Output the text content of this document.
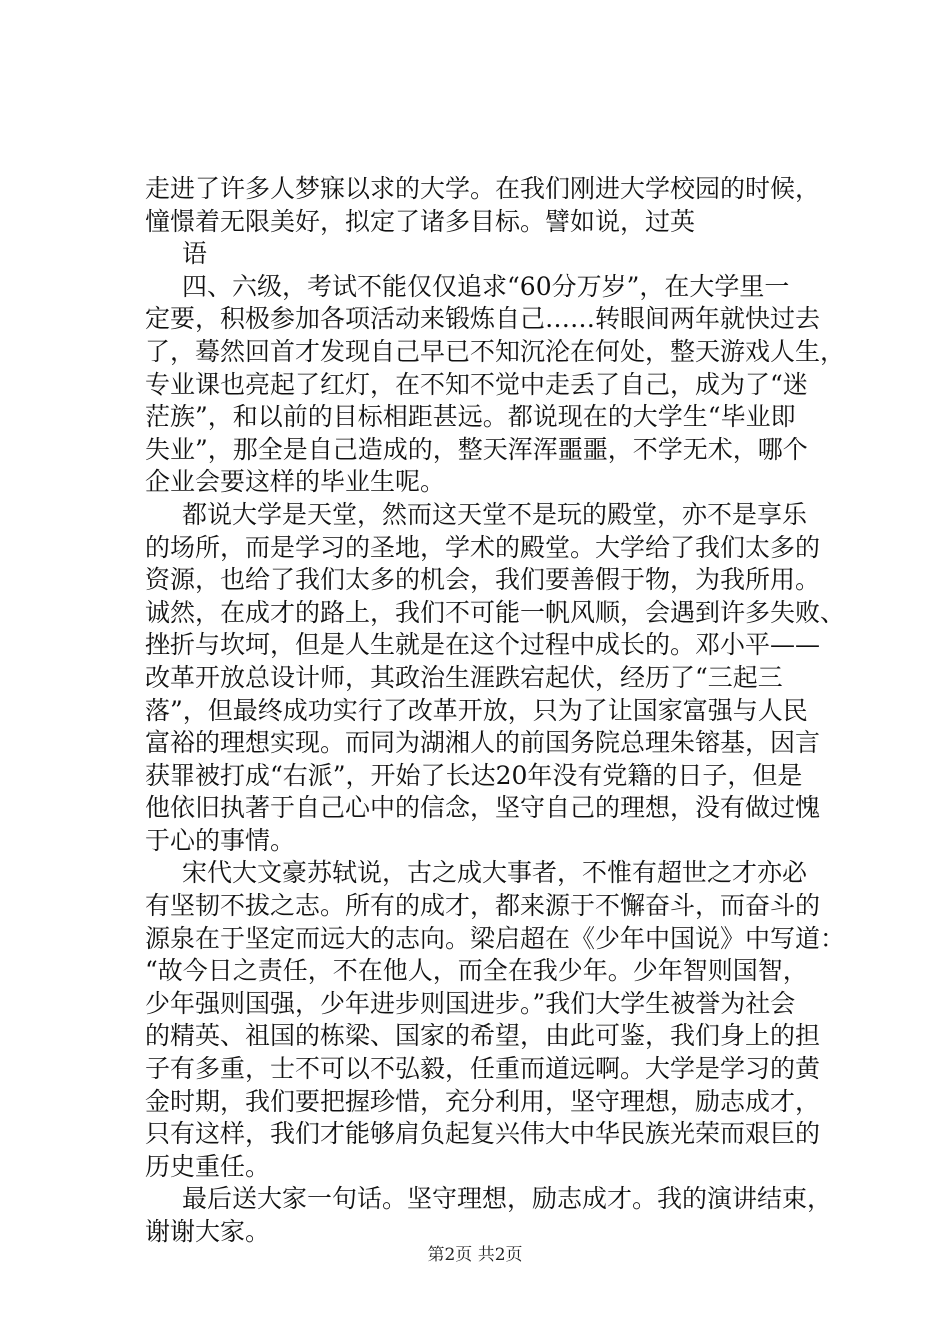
走进了许多人梦寐以求的大学。在我们刚进大学校园的时候，
憧憬着无限美好，拟定了诸多目标。譬如说，过英
语
四、六级，考试不能仅仅追求“60分万岁”，在大学里一
定要，积极参加各项活动来锻炼自己……转眼间两年就快过去
了，蓦然回首才发现自己早已不知沉沦在何处，整天游戏人生，
专业课也亮起了红灯，在不知不觉中走丢了自己，成为了“迷
茫族”，和以前的目标相距甚远。都说现在的大学生“毕业即
失业”，那全是自己造成的，整天浑浑噩噩，不学无术，哪个
企业会要这样的毕业生呢。
都说大学是天堂，然而这天堂不是玩的殿堂，亦不是享乐
的场所，而是学习的圣地，学术的殿堂。大学给了我们太多的
资源，也给了我们太多的机会，我们要善假于物，为我所用。
诚然，在成才的路上，我们不可能一帆风顺，会遇到许多失败、
挫折与坎坷，但是人生就是在这个过程中成长的。邓小平——
改革开放总设计师，其政治生涯跌宕起伏，经历了“三起三
落”，但最终成功实行了改革开放，只为了让国家富强与人民
富裕的理想实现。而同为湖湘人的前国务院总理朱镕基，因言
获罪被打成“右派”，开始了长达20年没有党籍的日子，但是
他依旧执著于自己心中的信念，坚守自己的理想，没有做过愧
于心的事情。
宋代大文豪苏轼说，古之成大事者，不惟有超世之才亦必
有坚韧不拔之志。所有的成才，都来源于不懈奋斗，而奋斗的
源泉在于坚定而远大的志向。梁启超在《少年中国说》中写道：
“故今日之责任，不在他人，而全在我少年。少年智则国智，
少年强则国强，少年进步则国进步。”我们大学生被誉为社会
的精英、祖国的栋梁、国家的希望，由此可鉴，我们身上的担
子有多重，士不可以不弘毅，任重而道远啊。大学是学习的黄
金时期，我们要把握珍惜，充分利用，坚守理想，励志成才，
只有这样，我们才能够肩负起复兴伟大中华民族光荣而艰巨的
历史重任。
最后送大家一句话。坚守理想，励志成才。我的演讲结束，
谢谢大家。
第2页 共2页
